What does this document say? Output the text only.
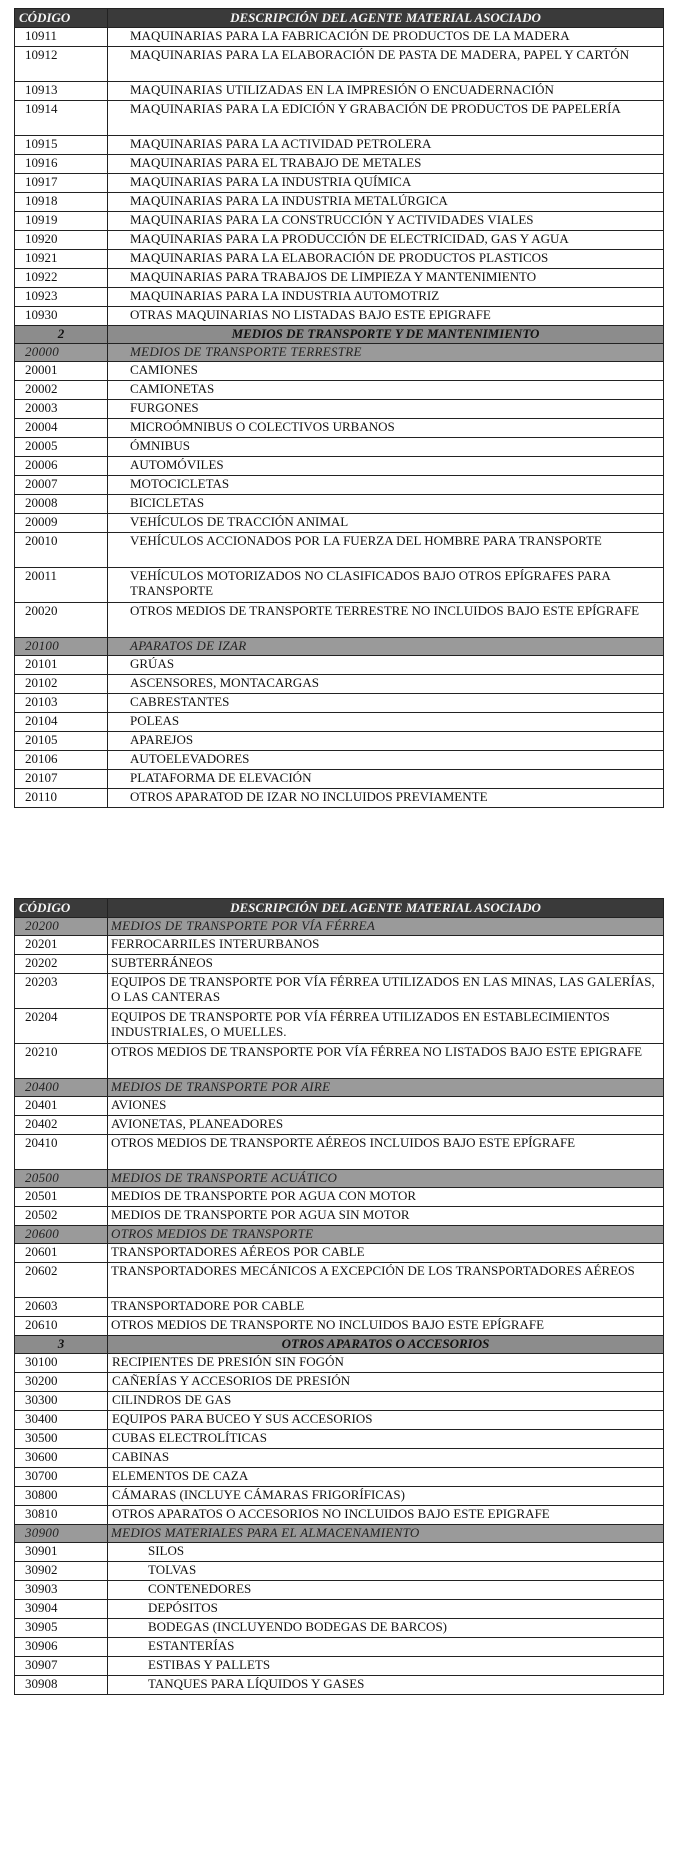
CÓDIGO	DESCRIPCIÓN DEL AGENTE MATERIAL ASOCIADO
10911	MAQUINARIAS PARA LA FABRICACIÓN DE PRODUCTOS DE LA MADERA
10912	MAQUINARIAS PARA LA ELABORACIÓN DE PASTA DE MADERA, PAPEL Y CARTÓN
10913	MAQUINARIAS UTILIZADAS EN LA IMPRESIÓN O ENCUADERNACIÓN
10914	MAQUINARIAS PARA LA EDICIÓN Y GRABACIÓN DE PRODUCTOS DE PAPELERÍA
10915	MAQUINARIAS PARA LA ACTIVIDAD PETROLERA
10916	MAQUINARIAS PARA EL TRABAJO DE METALES
10917	MAQUINARIAS PARA LA INDUSTRIA QUÍMICA
10918	MAQUINARIAS PARA LA INDUSTRIA METALÚRGICA
10919	MAQUINARIAS PARA LA CONSTRUCCIÓN Y ACTIVIDADES VIALES
10920	MAQUINARIAS PARA LA PRODUCCIÓN DE ELECTRICIDAD, GAS Y AGUA
10921	MAQUINARIAS PARA LA ELABORACIÓN DE PRODUCTOS PLASTICOS
10922	MAQUINARIAS PARA TRABAJOS DE LIMPIEZA Y MANTENIMIENTO
10923	MAQUINARIAS PARA LA INDUSTRIA AUTOMOTRIZ
10930	OTRAS MAQUINARIAS NO LISTADAS BAJO ESTE EPIGRAFE
2	MEDIOS DE TRANSPORTE Y DE MANTENIMIENTO
20000	MEDIOS DE TRANSPORTE TERRESTRE
20001	CAMIONES
20002	CAMIONETAS
20003	FURGONES
20004	MICROÓMNIBUS O COLECTIVOS URBANOS
20005	ÓMNIBUS
20006	AUTOMÓVILES
20007	MOTOCICLETAS
20008	BICICLETAS
20009	VEHÍCULOS DE TRACCIÓN ANIMAL
20010	VEHÍCULOS ACCIONADOS POR LA FUERZA DEL HOMBRE PARA TRANSPORTE
20011	VEHÍCULOS MOTORIZADOS NO CLASIFICADOS BAJO OTROS EPÍGRAFES PARA TRANSPORTE
20020	OTROS MEDIOS DE TRANSPORTE TERRESTRE NO INCLUIDOS BAJO ESTE EPÍGRAFE
20100	APARATOS DE IZAR
20101	GRÚAS
20102	ASCENSORES, MONTACARGAS
20103	CABRESTANTES
20104	POLEAS
20105	APAREJOS
20106	AUTOELEVADORES
20107	PLATAFORMA DE ELEVACIÓN
20110	OTROS APARATOD DE IZAR NO INCLUIDOS PREVIAMENTE
CÓDIGO	DESCRIPCIÓN DEL AGENTE MATERIAL ASOCIADO
20200	MEDIOS DE TRANSPORTE POR VÍA FÉRREA
20201	FERROCARRILES INTERURBANOS
20202	SUBTERRÁNEOS
20203	EQUIPOS DE TRANSPORTE POR VÍA FÉRREA UTILIZADOS EN LAS MINAS, LAS GALERÍAS, O LAS CANTERAS
20204	EQUIPOS DE TRANSPORTE POR VÍA FÉRREA UTILIZADOS EN ESTABLECIMIENTOS INDUSTRIALES, O MUELLES.
20210	OTROS MEDIOS DE TRANSPORTE POR VÍA FÉRREA NO LISTADOS BAJO ESTE EPIGRAFE
20400	MEDIOS DE TRANSPORTE POR AIRE
20401	AVIONES
20402	AVIONETAS, PLANEADORES
20410	OTROS MEDIOS DE TRANSPORTE AÉREOS INCLUIDOS BAJO ESTE EPÍGRAFE
20500	MEDIOS DE TRANSPORTE ACUÁTICO
20501	MEDIOS DE TRANSPORTE POR AGUA CON MOTOR
20502	MEDIOS DE TRANSPORTE POR AGUA SIN MOTOR
20600	OTROS MEDIOS DE TRANSPORTE
20601	TRANSPORTADORES AÉREOS POR CABLE
20602	TRANSPORTADORES MECÁNICOS A EXCEPCIÓN DE LOS TRANSPORTADORES AÉREOS
20603	TRANSPORTADORE POR CABLE
20610	OTROS MEDIOS DE TRANSPORTE NO INCLUIDOS BAJO ESTE EPÍGRAFE
3	OTROS APARATOS O ACCESORIOS
30100	RECIPIENTES DE PRESIÓN SIN FOGÓN
30200	CAÑERÍAS Y ACCESORIOS DE PRESIÓN
30300	CILINDROS DE GAS
30400	EQUIPOS PARA BUCEO Y SUS ACCESORIOS
30500	CUBAS ELECTROLÍTICAS
30600	CABINAS
30700	ELEMENTOS DE CAZA
30800	CÁMARAS (INCLUYE CÁMARAS FRIGORÍFICAS)
30810	OTROS APARATOS O ACCESORIOS NO INCLUIDOS BAJO ESTE EPIGRAFE
30900	MEDIOS MATERIALES PARA EL ALMACENAMIENTO
30901	SILOS
30902	TOLVAS
30903	CONTENEDORES
30904	DEPÓSITOS
30905	BODEGAS (INCLUYENDO BODEGAS DE BARCOS)
30906	ESTANTERÍAS
30907	ESTIBAS Y PALLETS
30908	TANQUES PARA LÍQUIDOS Y GASES
